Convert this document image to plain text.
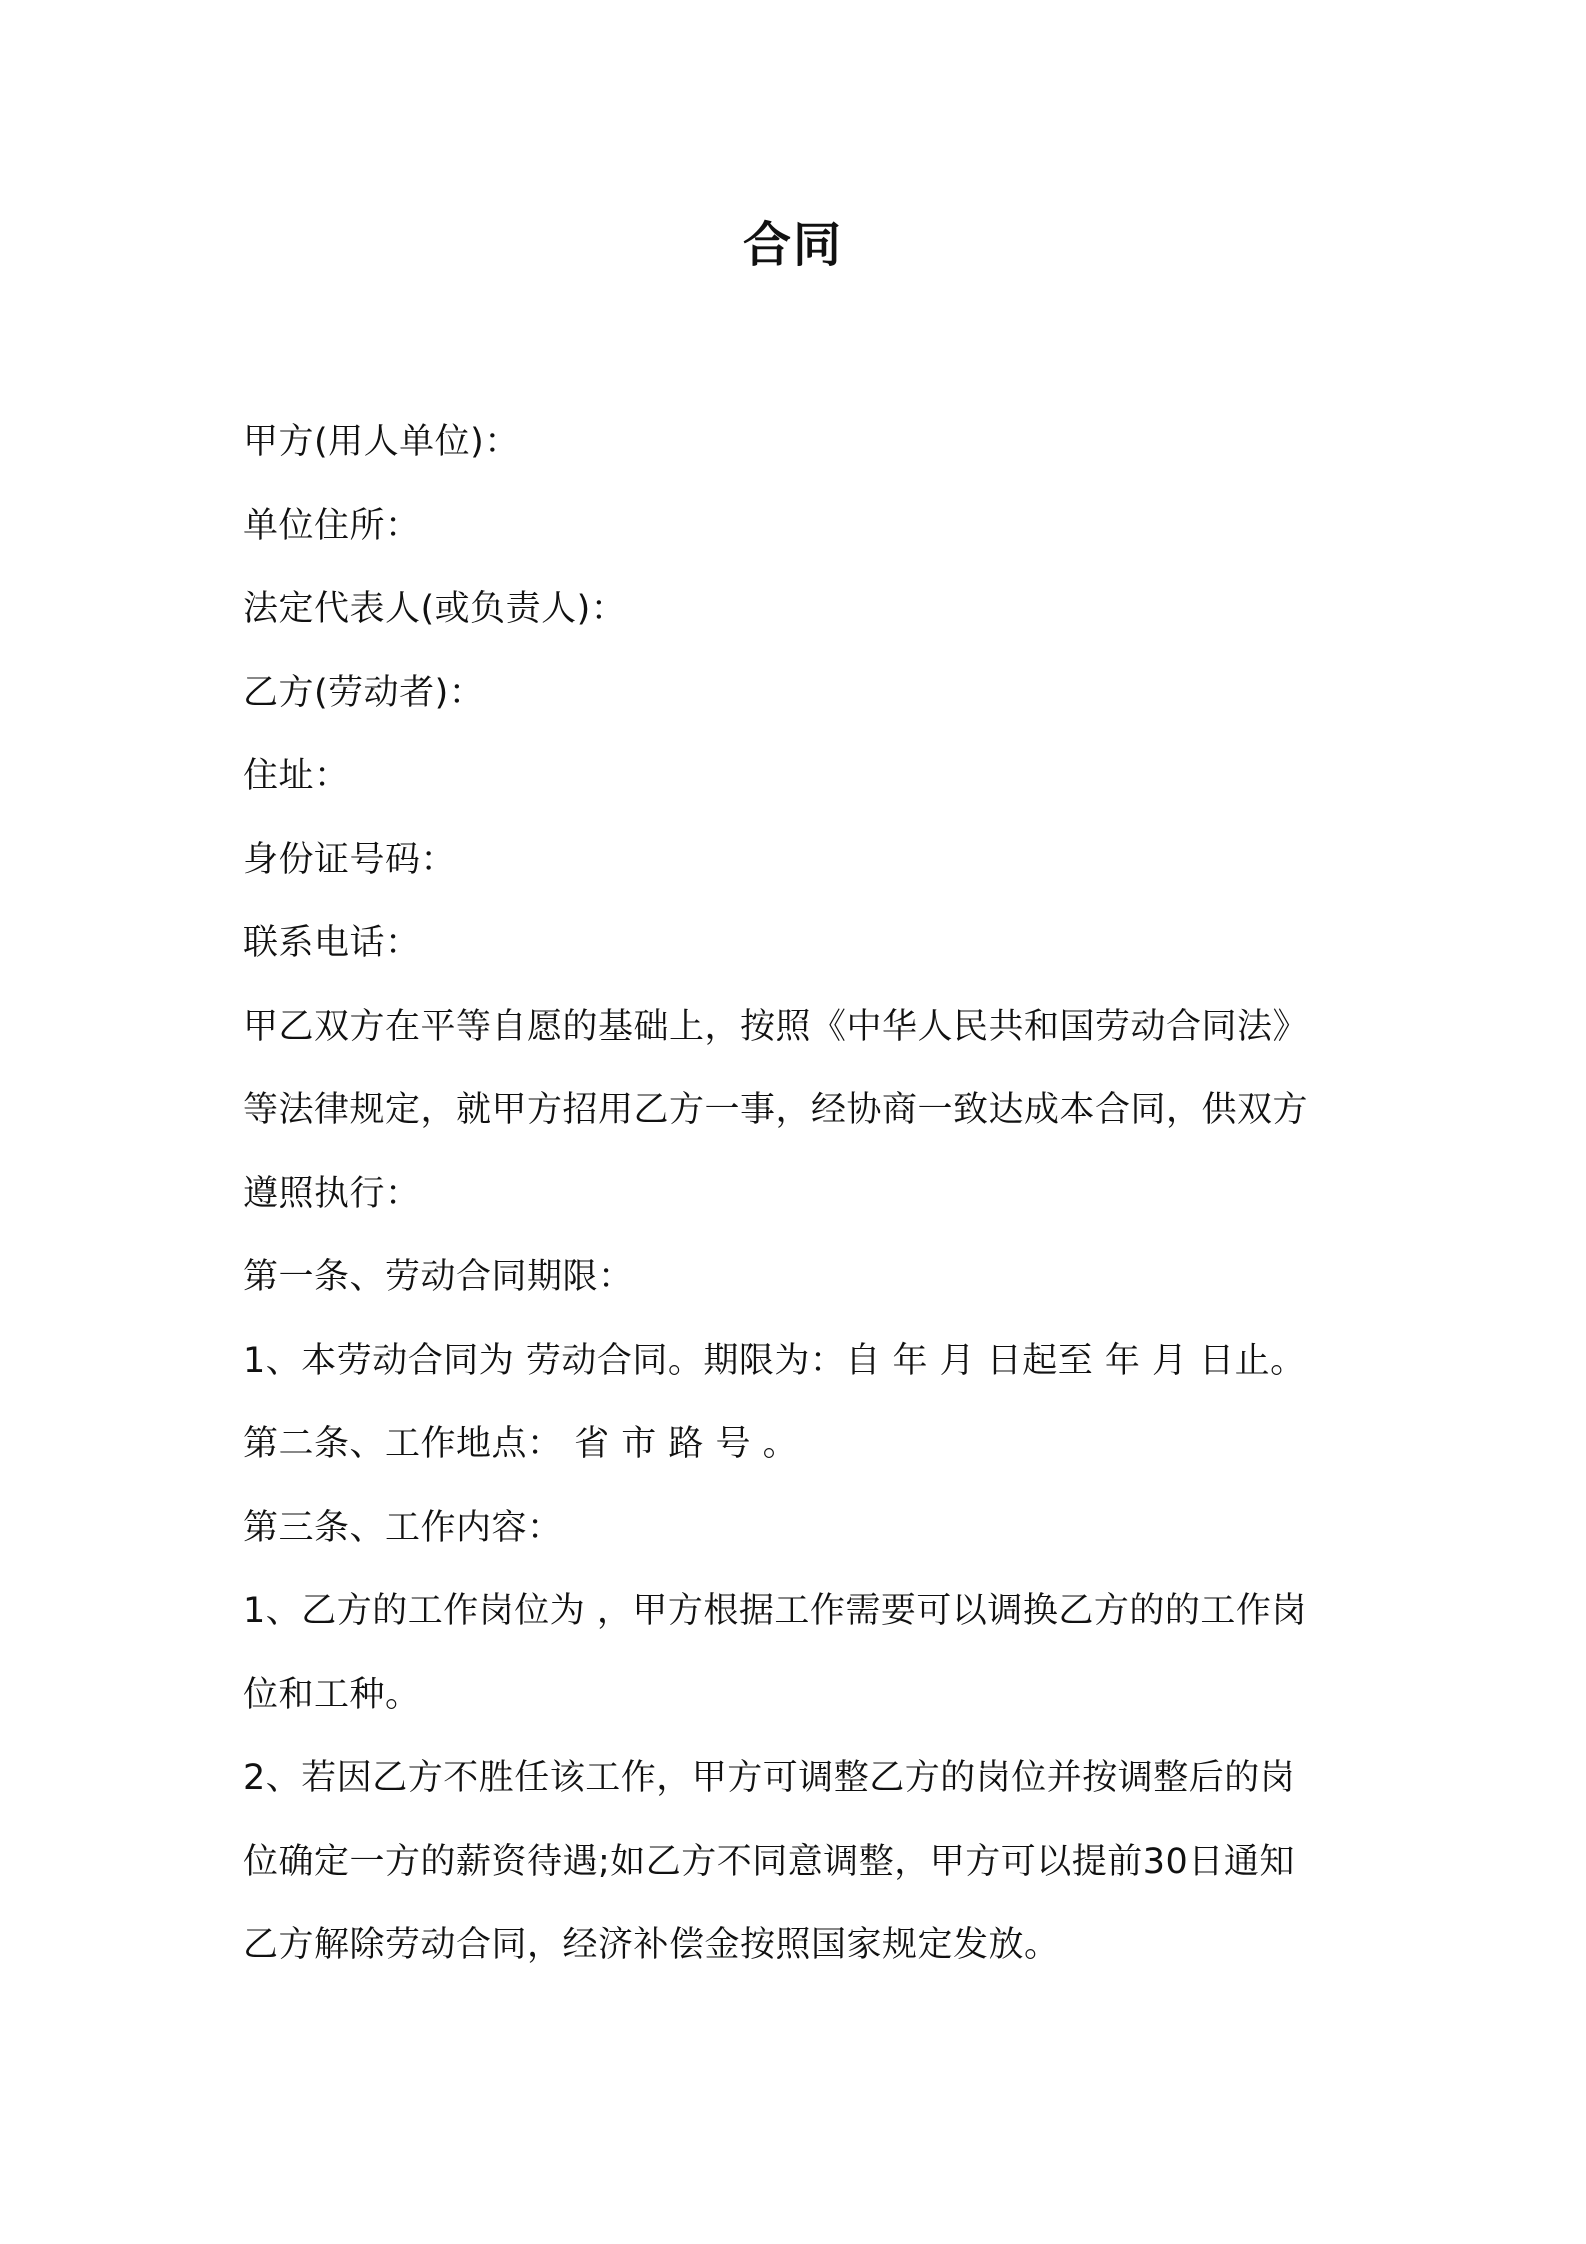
合同
甲方(用人单位)：
单位住所：
法定代表人(或负责人)：
乙方(劳动者)：
住址：
身份证号码：
联系电话：
甲乙双方在平等自愿的基础上，按照《中华人民共和国劳动合同法》
等法律规定，就甲方招用乙方一事，经协商一致达成本合同，供双方
遵照执行：
第一条、劳动合同期限：
1、本劳动合同为 劳动合同。期限为：自 年 月 日起至 年 月 日止。
第二条、工作地点： 省 市 路 号 。
第三条、工作内容：
1、乙方的工作岗位为 ，甲方根据工作需要可以调换乙方的的工作岗
位和工种。
2、若因乙方不胜任该工作，甲方可调整乙方的岗位并按调整后的岗
位确定一方的薪资待遇;如乙方不同意调整，甲方可以提前30日通知
乙方解除劳动合同，经济补偿金按照国家规定发放。
